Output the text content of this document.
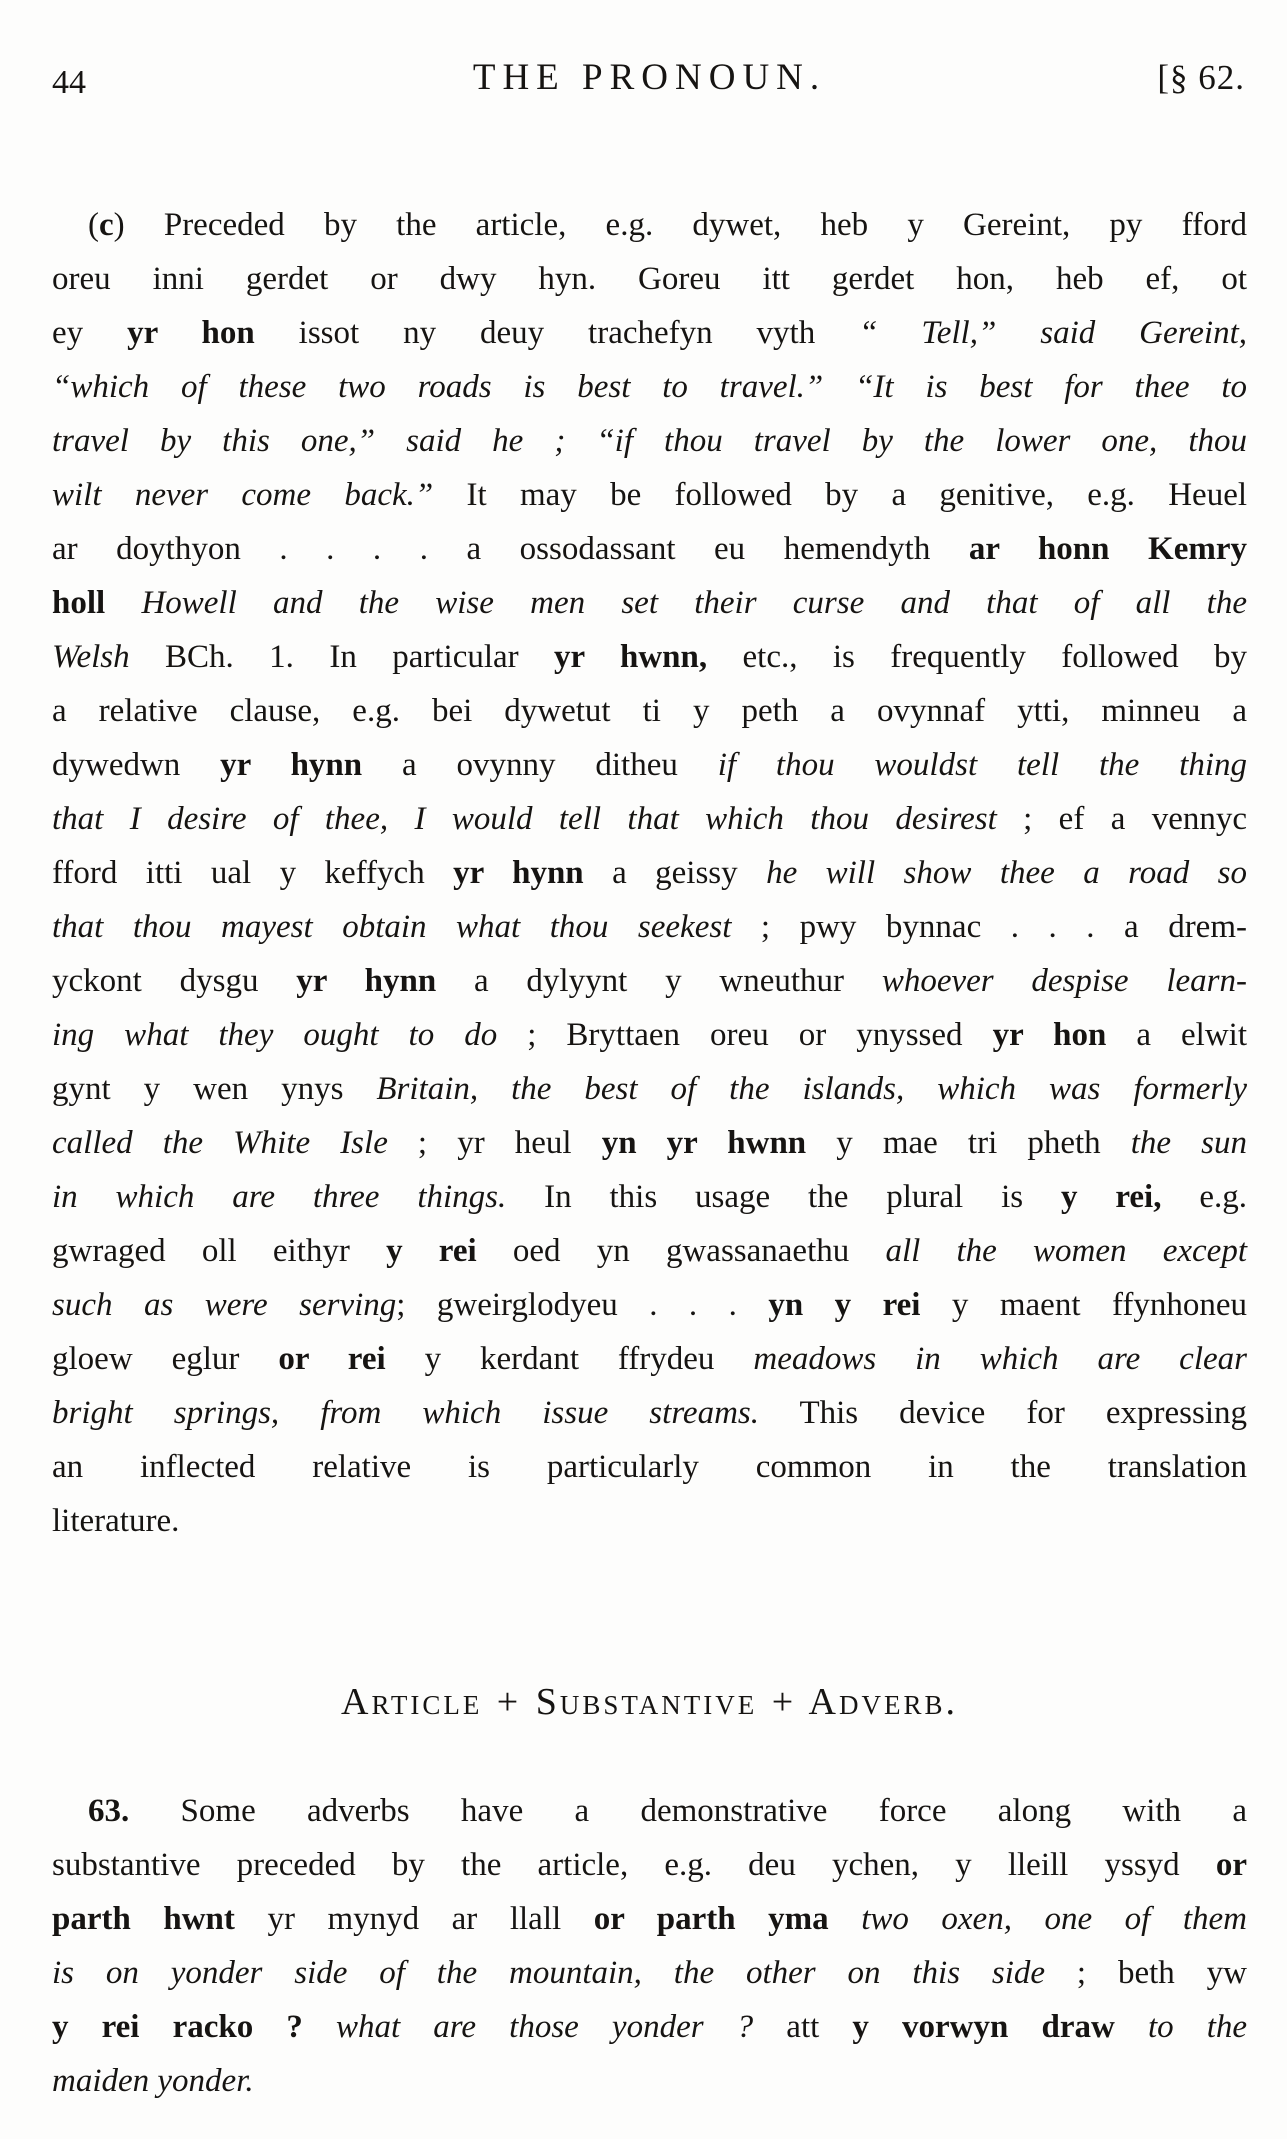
44	THE PRONOUN.	[§ 62.
(c) Preceded by the article, e.g. dywet, heb y Gereint, py fford
oreu inni gerdet or dwy hyn. Goreu itt gerdet hon, heb ef, ot
ey yr hon issot ny deuy trachefyn vyth “ Tell,” said Gereint,
“which of these two roads is best to travel.” “It is best for thee to
travel by this one,” said he ; “if thou travel by the lower one, thou
wilt never come back.” It may be followed by a genitive, e.g. Heuel
ar doythyon . . . . a ossodassant eu hemendyth ar honn Kemry
holl Howell and the wise men set their curse and that of all the
Welsh BCh. 1. In particular yr hwnn, etc., is frequently followed by
a relative clause, e.g. bei dywetut ti y peth a ovynnaf ytti, minneu a
dywedwn yr hynn a ovynny ditheu if thou wouldst tell the thing
that I desire of thee, I would tell that which thou desirest ; ef a vennyc
fford itti ual y keffych yr hynn a geissy he will show thee a road so
that thou mayest obtain what thou seekest ; pwy bynnac . . . a drem-
yckont dysgu yr hynn a dylyynt y wneuthur whoever despise learn-
ing what they ought to do ; Bryttaen oreu or ynyssed yr hon a elwit
gynt y wen ynys Britain, the best of the islands, which was formerly
called the White Isle ; yr heul yn yr hwnn y mae tri pheth the sun
in which are three things. In this usage the plural is y rei, e.g.
gwraged oll eithyr y rei oed yn gwassanaethu all the women except
such as were serving; gweirglodyeu . . . yn y rei y maent ffynhoneu
gloew eglur or rei y kerdant ffrydeu meadows in which are clear
bright springs, from which issue streams. This device for expressing
an inflected relative is particularly common in the translation
literature.
Article + Substantive + Adverb.
63. Some adverbs have a demonstrative force along with a
substantive preceded by the article, e.g. deu ychen, y lleill yssyd or
parth hwnt yr mynyd ar llall or parth yma two oxen, one of them
is on yonder side of the mountain, the other on this side ; beth yw
y rei racko ? what are those yonder ? att y vorwyn draw to the
maiden yonder.
